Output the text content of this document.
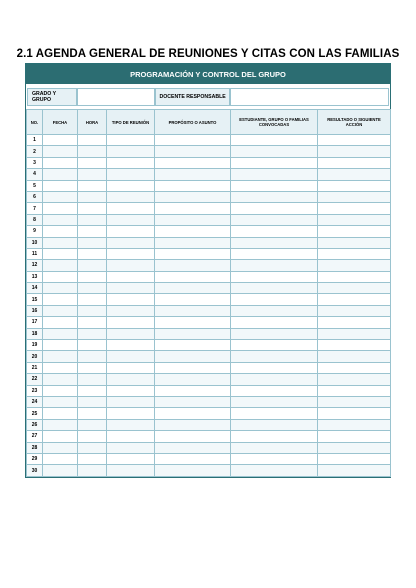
2.1 AGENDA GENERAL DE REUNIONES Y CITAS CON LAS FAMILIAS
PROGRAMACIÓN Y CONTROL DEL GRUPO
GRADO Y GRUPO	DOCENTE RESPONSABLE
NO.	FECHA	HORA	TIPO DE REUNIÓN	PROPÓSITO O ASUNTO	ESTUDIANTE, GRUPO O FAMILIAS CONVOCADAS	RESULTADO O SIGUIENTE ACCIÓN
1						
2						
3						
4						
5						
6						
7						
8						
9						
10						
11						
12						
13						
14						
15						
16						
17						
18						
19						
20						
21						
22						
23						
24						
25						
26						
27						
28						
29						
30						
